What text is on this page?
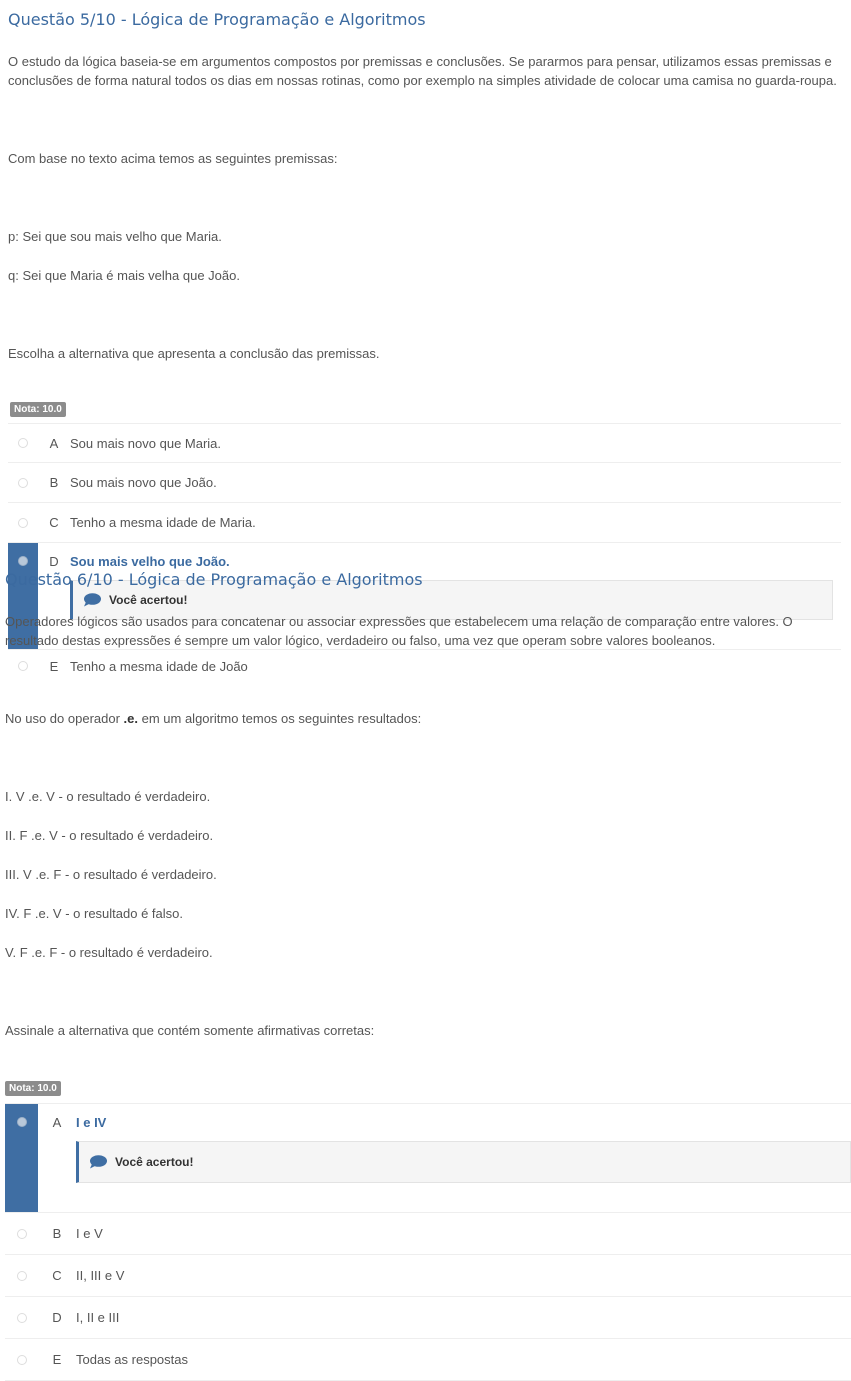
Questão 5/10 - Lógica de Programação e Algoritmos

O estudo da lógica baseia-se em argumentos compostos por premissas e conclusões. Se pararmos para pensar, utilizamos essas premissas e conclusões de forma natural todos os dias em nossas rotinas, como por exemplo na simples atividade de colocar uma camisa no guarda-roupa.

Com base no texto acima temos as seguintes premissas:

p: Sei que sou mais velho que Maria.

q: Sei que Maria é mais velha que João.

Escolha a alternativa que apresenta a conclusão das premissas.

Nota: 10.0
A Sou mais novo que Maria.
B Sou mais novo que João.
C Tenho a mesma idade de Maria.
D Sou mais velho que João.
Você acertou!
E Tenho a mesma idade de João
Questão 6/10 - Lógica de Programação e Algoritmos

Operadores lógicos são usados para concatenar ou associar expressões que estabelecem uma relação de comparação entre valores. O resultado destas expressões é sempre um valor lógico, verdadeiro ou falso, uma vez que operam sobre valores booleanos.

No uso do operador .e. em um algoritmo temos os seguintes resultados:

I. V .e. V - o resultado é verdadeiro.

II. F .e. V - o resultado é verdadeiro.

III. V .e. F - o resultado é verdadeiro.

IV. F .e. V - o resultado é falso.

V. F .e. F - o resultado é verdadeiro.

Assinale a alternativa que contém somente afirmativas corretas:

Nota: 10.0
A	I e IV
Você acertou!
B	I e V
C	II, III e V
D	I, II e III
E	Todas as respostas
